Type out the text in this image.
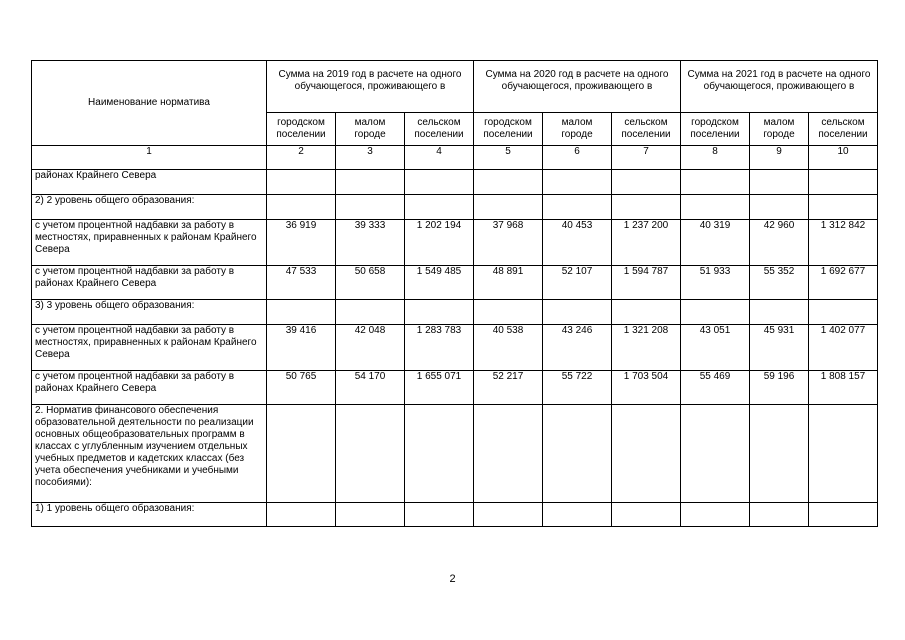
Наименование норматива	Сумма на 2019 год в расчете на одного обучающегося, проживающего в			Сумма на 2020 год в расчете на одного обучающегося, проживающего в			Сумма на 2021 год в расчете на одного обучающегося, проживающего в		
	городском поселении	малом городе	сельском поселении	городском поселении	малом городе	сельском поселении	городском поселении	малом городе	сельском поселении
1	2	3	4	5	6	7	8	9	10
районах Крайнего Севера									
2) 2 уровень общего образования:									
с учетом процентной надбавки за работу в местностях, приравненных к районам Крайнего Севера	36 919	39 333	1 202 194	37 968	40 453	1 237 200	40 319	42 960	1 312 842
с учетом процентной надбавки за работу в районах Крайнего Севера	47 533	50 658	1 549 485	48 891	52 107	1 594 787	51 933	55 352	1 692 677
3) 3 уровень общего образования:									
с учетом процентной надбавки за работу в местностях, приравненных к районам Крайнего Севера	39 416	42 048	1 283 783	40 538	43 246	1 321 208	43 051	45 931	1 402 077
с учетом процентной надбавки за работу в районах Крайнего Севера	50 765	54 170	1 655 071	52 217	55 722	1 703 504	55 469	59 196	1 808 157
2. Норматив финансового обеспечения образовательной деятельности по реализации основных общеобразовательных программ в классах с углубленным изучением отдельных учебных предметов и кадетских классах (без учета обеспечения учебниками и учебными пособиями):									
1) 1 уровень общего образования:									
2
